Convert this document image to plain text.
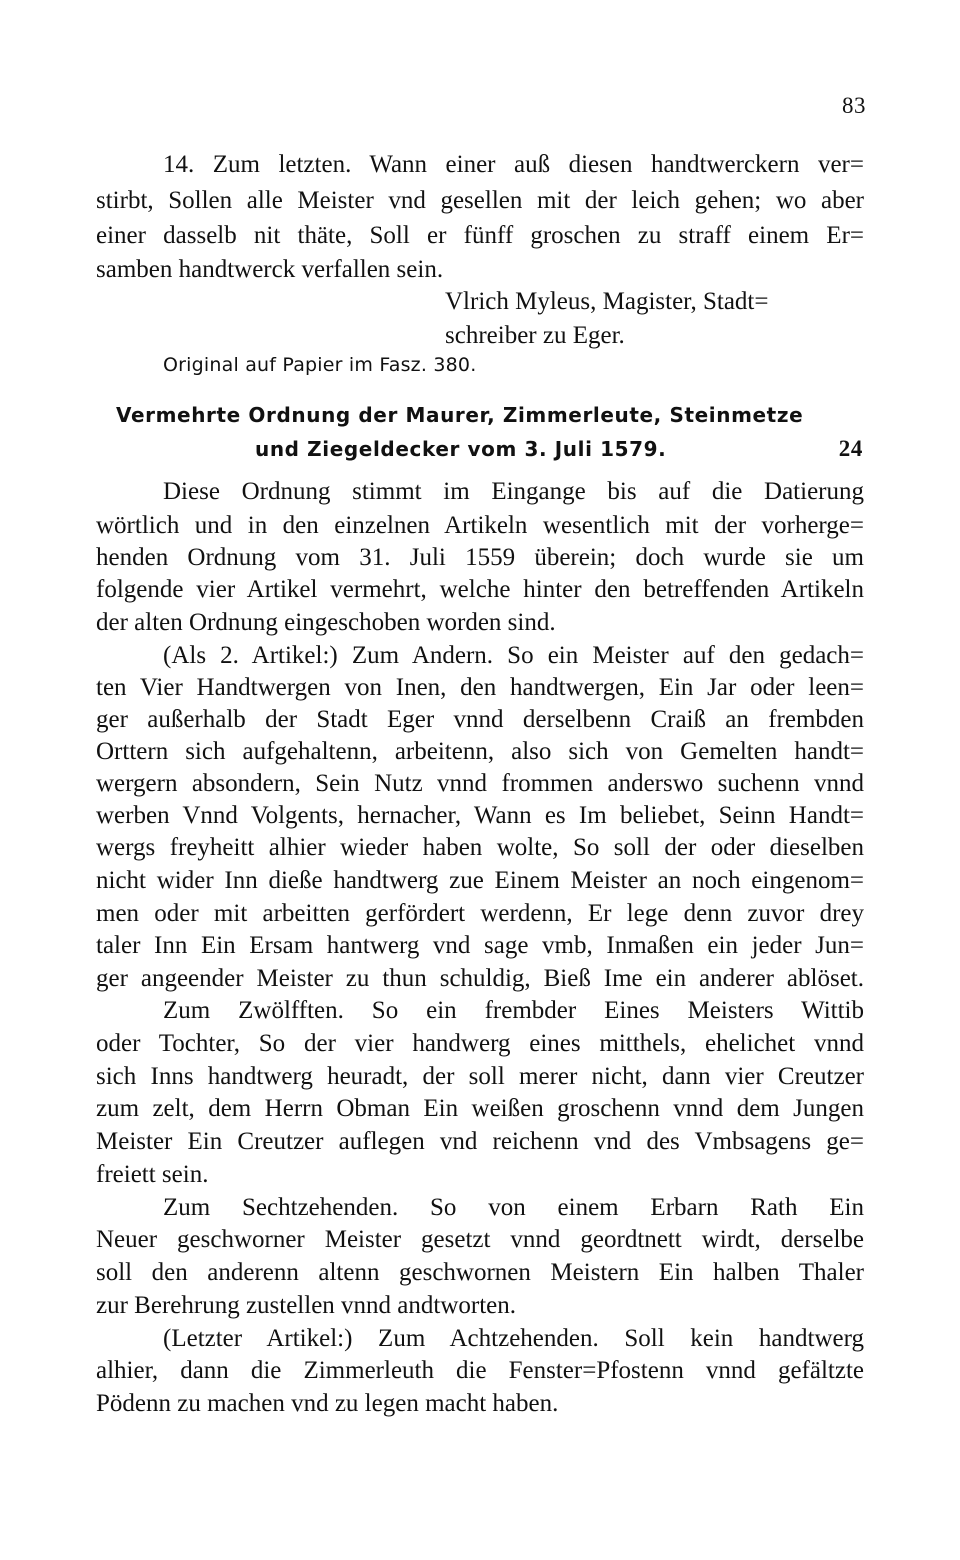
83
14. Zum letzten. Wann einer auß diesen handtwerckern ver=
stirbt, Sollen alle Meister vnd gesellen mit der leich gehen; wo aber
einer dasselb nit thäte, Soll er fünff groschen zu straff einem Er=
samben handtwerck verfallen sein.
Vlrich Myleus, Magister, Stadt=
schreiber zu Eger.
Original auf Papier im Fasz. 380.
Vermehrte Ordnung der Maurer, Zimmerleute, Steinmetze
und Ziegeldecker vom 3. Juli 1579.	24
Diese Ordnung stimmt im Eingange bis auf die Datierung
wörtlich und in den einzelnen Artikeln wesentlich mit der vorherge=
henden Ordnung vom 31. Juli 1559 überein; doch wurde sie um
folgende vier Artikel vermehrt, welche hinter den betreffenden Artikeln
der alten Ordnung eingeschoben worden sind.
(Als 2. Artikel:) Zum Andern. So ein Meister auf den gedach=
ten Vier Handtwergen von Inen, den handtwergen, Ein Jar oder leen=
ger außerhalb der Stadt Eger vnnd derselbenn Craiß an frembden
Orttern sich aufgehaltenn, arbeitenn, also sich von Gemelten handt=
wergern absondern, Sein Nutz vnnd frommen anderswo suchenn vnnd
werben Vnnd Volgents, hernacher, Wann es Im beliebet, Seinn Handt=
wergs freyheitt alhier wieder haben wolte, So soll der oder dieselben
nicht wider Inn dieße handtwerg zue Einem Meister an noch eingenom=
men oder mit arbeitten gerfördert werdenn, Er lege denn zuvor drey
taler Inn Ein Ersam hantwerg vnd sage vmb, Inmaßen ein jeder Jun=
ger angeender Meister zu thun schuldig, Bieß Ime ein anderer ablöset.
Zum Zwölfften. So ein frembder Eines Meisters Wittib
oder Tochter, So der vier handwerg eines mitthels, ehelichet vnnd
sich Inns handtwerg heuradt, der soll merer nicht, dann vier Creutzer
zum zelt, dem Herrn Obman Ein weißen groschenn vnnd dem Jungen
Meister Ein Creutzer auflegen vnd reichenn vnd des Vmbsagens ge=
freiett sein.
Zum Sechtzehenden. So von einem Erbarn Rath Ein
Neuer geschworner Meister gesetzt vnnd geordtnett wirdt, derselbe
soll den anderenn altenn geschwornen Meistern Ein halben Thaler
zur Berehrung zustellen vnnd andtworten.
(Letzter Artikel:) Zum Achtzehenden. Soll kein handtwerg
alhier, dann die Zimmerleuth die Fenster=Pfostenn vnnd gefältzte
Pödenn zu machen vnd zu legen macht haben.
